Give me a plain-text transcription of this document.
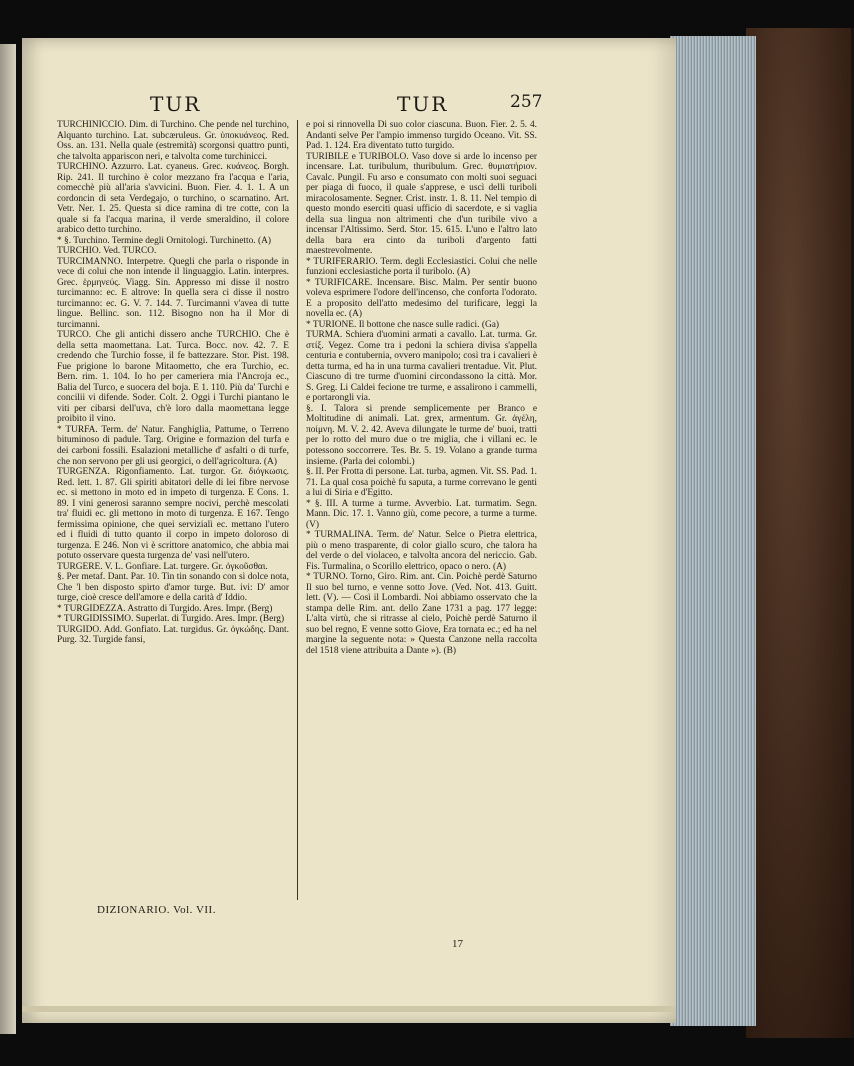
TUR	TUR	257

TURCHINICCIO. Dim. di Turchino. Che pende nel turchino, Alquanto turchino. Lat. subcæruleus. Gr. ὑποκυάνεος. Red. Oss. an. 131. Nella quale (estremità) scorgonsi quattro punti, che talvolta appariscon neri, e talvolta come turchinicci.

TURCHINO. Azzurro. Lat. cyaneus. Grec. κυάνεος. Borgh. Rip. 241. Il turchino è color mezzano fra l'acqua e l'aria, comecchè più all'aria s'avvicini. Buon. Fier. 4. 1. 1. A un cordoncin di seta Verdegajo, o turchino, o scarnatino. Art. Vetr. Ner. 1. 25. Questa si dice ramina di tre cotte, con la quale si fa l'acqua marina, il verde smeraldino, il colore arabico detto turchino.

* §. Turchino. Termine degli Ornitologi. Turchinetto. (A)

TURCHIO. Ved. TURCO.

TURCIMANNO. Interpetre. Quegli che parla o risponde in vece di colui che non intende il linguaggio. Latin. interpres. Grec. ἑρμηνεύς. Viagg. Sin. Appresso mi disse il nostro turcimanno: ec. E altrove: In quella sera ci disse il nostro turcimanno: ec. G. V. 7. 144. 7. Turcimanni v'avea di tutte lingue. Bellinc. son. 112. Bisogno non ha il Mor di turcimanni.

TURCO. Che gli antichi dissero anche TURCHIO. Che è della setta maomettana. Lat. Turca. Bocc. nov. 42. 7. E credendo che Turchio fosse, il fe battezzare. Stor. Pist. 198. Fue prigione lo barone Mitaometto, che era Turchio, ec. Bern. rim. 1. 104. Io ho per cameriera mia l'Ancroja ec., Balia del Turco, e suocera del boja. E 1. 110. Più da' Turchi e concilii vi difende. Soder. Colt. 2. Oggi i Turchi piantano le viti per cibarsi dell'uva, ch'è loro dalla maomettana legge proibito il vino.

* TURFA. Term. de' Natur. Fanghiglia, Pattume, o Terreno bituminoso di padule. Targ. Origine e formazion del turfa e dei carboni fossili. Esalazioni metalliche d' asfalti o di turfe, che non servono per gli usi georgici, o dell'agricoltura. (A)

TURGENZA. Rigonfiamento. Lat. turgor. Gr. διόγκωσις. Red. lett. 1. 87. Gli spiriti abitatori delle di lei fibre nervose ec. si mettono in moto ed in impeto di turgenza. E Cons. 1. 89. I vini generosi saranno sempre nocivi, perchè mescolati tra' fluidi ec. gli mettono in moto di turgenza. E 167. Tengo fermissima opinione, che quei servizialì ec. mettano l'utero ed i fluidi di tutto quanto il corpo in impeto doloroso di turgenza. E 246. Non vi è scrittore anatomico, che abbia mai potuto osservare questa turgenza de' vasi nell'utero.

TURGERE. V. L. Gonfiare. Lat. turgere. Gr. ὀγκοῦσθαι.

§. Per metaf. Dant. Par. 10. Tin tin sonando con sì dolce nota, Che 'l ben disposto spirto d'amor turge. But. ivi: D' amor turge, cioè cresce dell'amore e della carità d' Iddio.

* TURGIDEZZA. Astratto di Turgido. Ares. Impr. (Berg)

* TURGIDISSIMO. Superlat. di Turgido. Ares. Impr. (Berg)

TURGIDO. Add. Gonfiato. Lat. turgidus. Gr. ὀγκώδης. Dant. Purg. 32. Turgide fansi,

e poi si rinnovella Di suo color ciascuna. Buon. Fier. 2. 5. 4. Andanti selve Per l'ampio immenso turgido Oceano. Vit. SS. Pad. 1. 124. Era diventato tutto turgido.

TURIBILE e TURIBOLO. Vaso dove si arde lo incenso per incensare. Lat. turibulum, thuribulum. Grec. θυμιατήριον. Cavalc. Pungil. Fu arso e consumato con molti suoi seguaci per piaga di fuoco, il quale s'apprese, e uscì delli turiboli miracolosamente. Segner. Crist. instr. 1. 8. 11. Nel tempio di questo mondo eserciti quasi ufficio di sacerdote, e si vaglia della sua lingua non altrimenti che d'un turibile vivo a incensar l'Altissimo. Serd. Stor. 15. 615. L'uno e l'altro lato della bara era cinto da turiboli d'argento fatti maestrevolmente.

* TURIFERARIO. Term. degli Ecclesiastici. Colui che nelle funzioni ecclesiastiche porta il turibolo. (A)

* TURIFICARE. Incensare. Bisc. Malm. Per sentir buono voleva esprimere l'odore dell'incenso, che conforta l'odorato. E a proposito dell'atto medesimo del turificare, leggi la novella ec. (A)

* TURIONE. Il bottone che nasce sulle radici. (Ga)

TURMA. Schiera d'uomini armati a cavallo. Lat. turma. Gr. στίξ. Vegez. Come tra i pedoni la schiera divisa s'appella centuria e contubernia, ovvero manipolo; così tra i cavalieri è detta turma, ed ha in una turma cavalieri trentadue. Vit. Plut. Ciascuno di tre turme d'uomini circondassono la città. Mor. S. Greg. Li Caldei fecione tre turme, e assalirono i cammelli, e portarongli via.

§. I. Talora si prende semplicemente per Branco e Moltitudine di animali. Lat. grex, armentum. Gr. ἀγέλη, ποίμνη. M. V. 2. 42. Aveva dilungate le turme de' buoi, tratti per lo rotto del muro due o tre miglia, che i villani ec. le potessono soccorrere. Tes. Br. 5. 19. Volano a grande turma insieme. (Parla dei colombi.)

§. II. Per Frotta di persone. Lat. turba, agmen. Vit. SS. Pad. 1. 71. La qual cosa poichè fu saputa, a turme correvano le genti a lui di Siria e d'Egitto.

* §. III. A turme a turme. Avverbio. Lat. turmatim. Segn. Mann. Dic. 17. 1. Vanno giù, come pecore, a turme a turme. (V)

* TURMALINA. Term. de' Natur. Selce o Pietra elettrica, più o meno trasparente, di color giallo scuro, che talora ha del verde o del violaceo, e talvolta ancora del nericcio. Gab. Fis. Turmalina, o Scorillo elettrico, opaco o nero. (A)

* TURNO. Torno, Giro. Rim. ant. Cin. Poichè perdè Saturno Il suo bel turno, e venne sotto Jove. (Ved. Not. 413. Guitt. lett. (V). — Così il Lombardi. Noi abbiamo osservato che la stampa delle Rim. ant. dello Zane 1731 a pag. 177 legge: L'alta virtù, che si ritrasse al cielo, Poichè perdè Saturno il suo bel regno, E venne sotto Giove, Era tornata ec.; ed ha nel margine la seguente nota: » Questa Canzone nella raccolta del 1518 viene attribuita a Dante »). (B)

DIZIONARIO. Vol. VII.
17
